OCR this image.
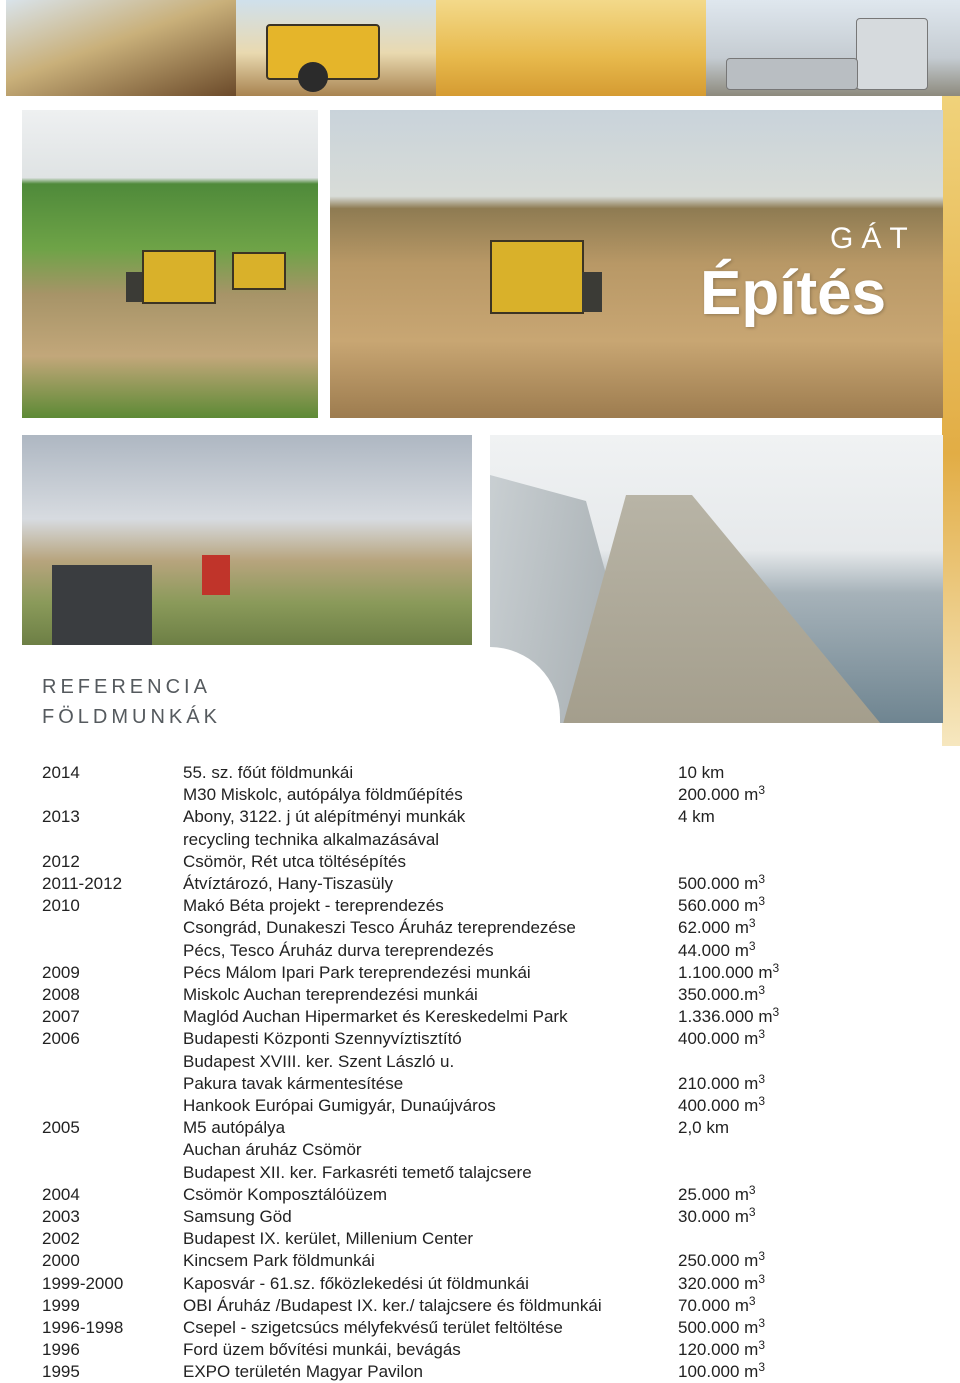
GÁT
Építés
REFERENCIA
FÖLDMUNKÁK
2014	55. sz. főút földmunkái	10 km
M30 Miskolc, autópálya földműépítés	200.000 $m^3$
2013	Abony, 3122. j út alépítményi munkák	4 km
recycling technika alkalmazásával
2012	Csömör, Rét utca töltésépítés
2011-2012	Átvíztározó, Hany-Tiszasüly	500.000 $m^3$
2010	Makó Béta projekt - tereprendezés	560.000 $m^3$
Csongrád, Dunakeszi Tesco Áruház tereprendezése	62.000 $m^3$
Pécs, Tesco Áruház durva tereprendezés	44.000 $m^3$
2009	Pécs Málom Ipari Park tereprendezési munkái	1.100.000 $m^3$
2008	Miskolc Auchan tereprendezési munkái	$350.000.m^3$
2007	Maglód Auchan Hipermarket és Kereskedelmi Park	1.336.000 $m^3$
2006	Budapesti Központi Szennyvíztisztító	400.000 $m^3$
Budapest XVIII. ker. Szent László u.
Pakura tavak kármentesítése	210.000 $m^3$
Hankook Európai Gumigyár, Dunaújváros	400.000 $m^3$
2005	M5 autópálya	2,0 km
Auchan áruház Csömör
Budapest XII. ker. Farkasréti temető talajcsere
2004	Csömör Komposztálóüzem	25.000 $m^3$
2003	Samsung Göd	30.000 $m^3$
2002	Budapest IX. kerület, Millenium Center
2000	Kincsem Park földmunkái	250.000 $m^3$
1999-2000	Kaposvár - 61.sz. főközlekedési út földmunkái	320.000 $m^3$
1999	OBI Áruház /Budapest IX. ker./ talajcsere és földmunkái	70.000 $m^3$
1996-1998	Csepel - szigetcsúcs mélyfekvésű terület feltöltése	500.000 $m^3$
1996	Ford üzem bővítési munkái, bevágás	120.000 $m^3$
1995	EXPO területén Magyar Pavilon	100.000 $m^3$
